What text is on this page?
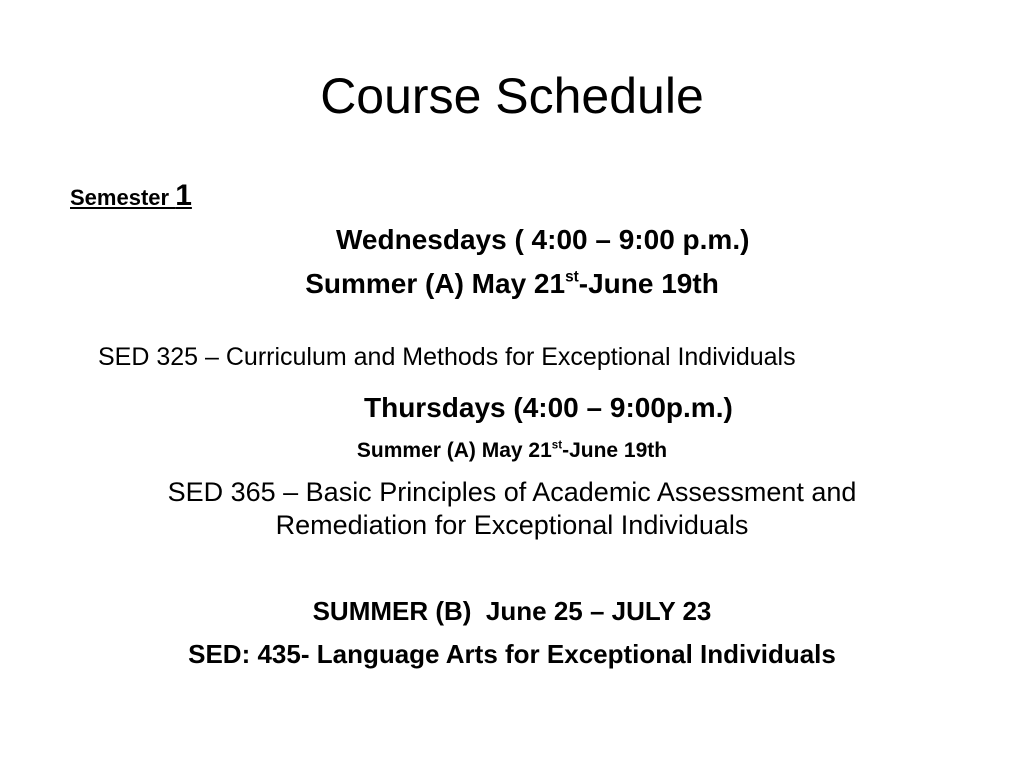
Course Schedule
Semester 1
Wednesdays ( 4:00 – 9:00 p.m.)
Summer (A) May 21st-June 19th
SED 325 – Curriculum and Methods for Exceptional Individuals
Thursdays (4:00 – 9:00p.m.)
Summer (A) May 21st-June 19th
SED 365 – Basic Principles of Academic Assessment and
Remediation for Exceptional Individuals
SUMMER (B)  June 25 – JULY 23
SED: 435- Language Arts for Exceptional Individuals
